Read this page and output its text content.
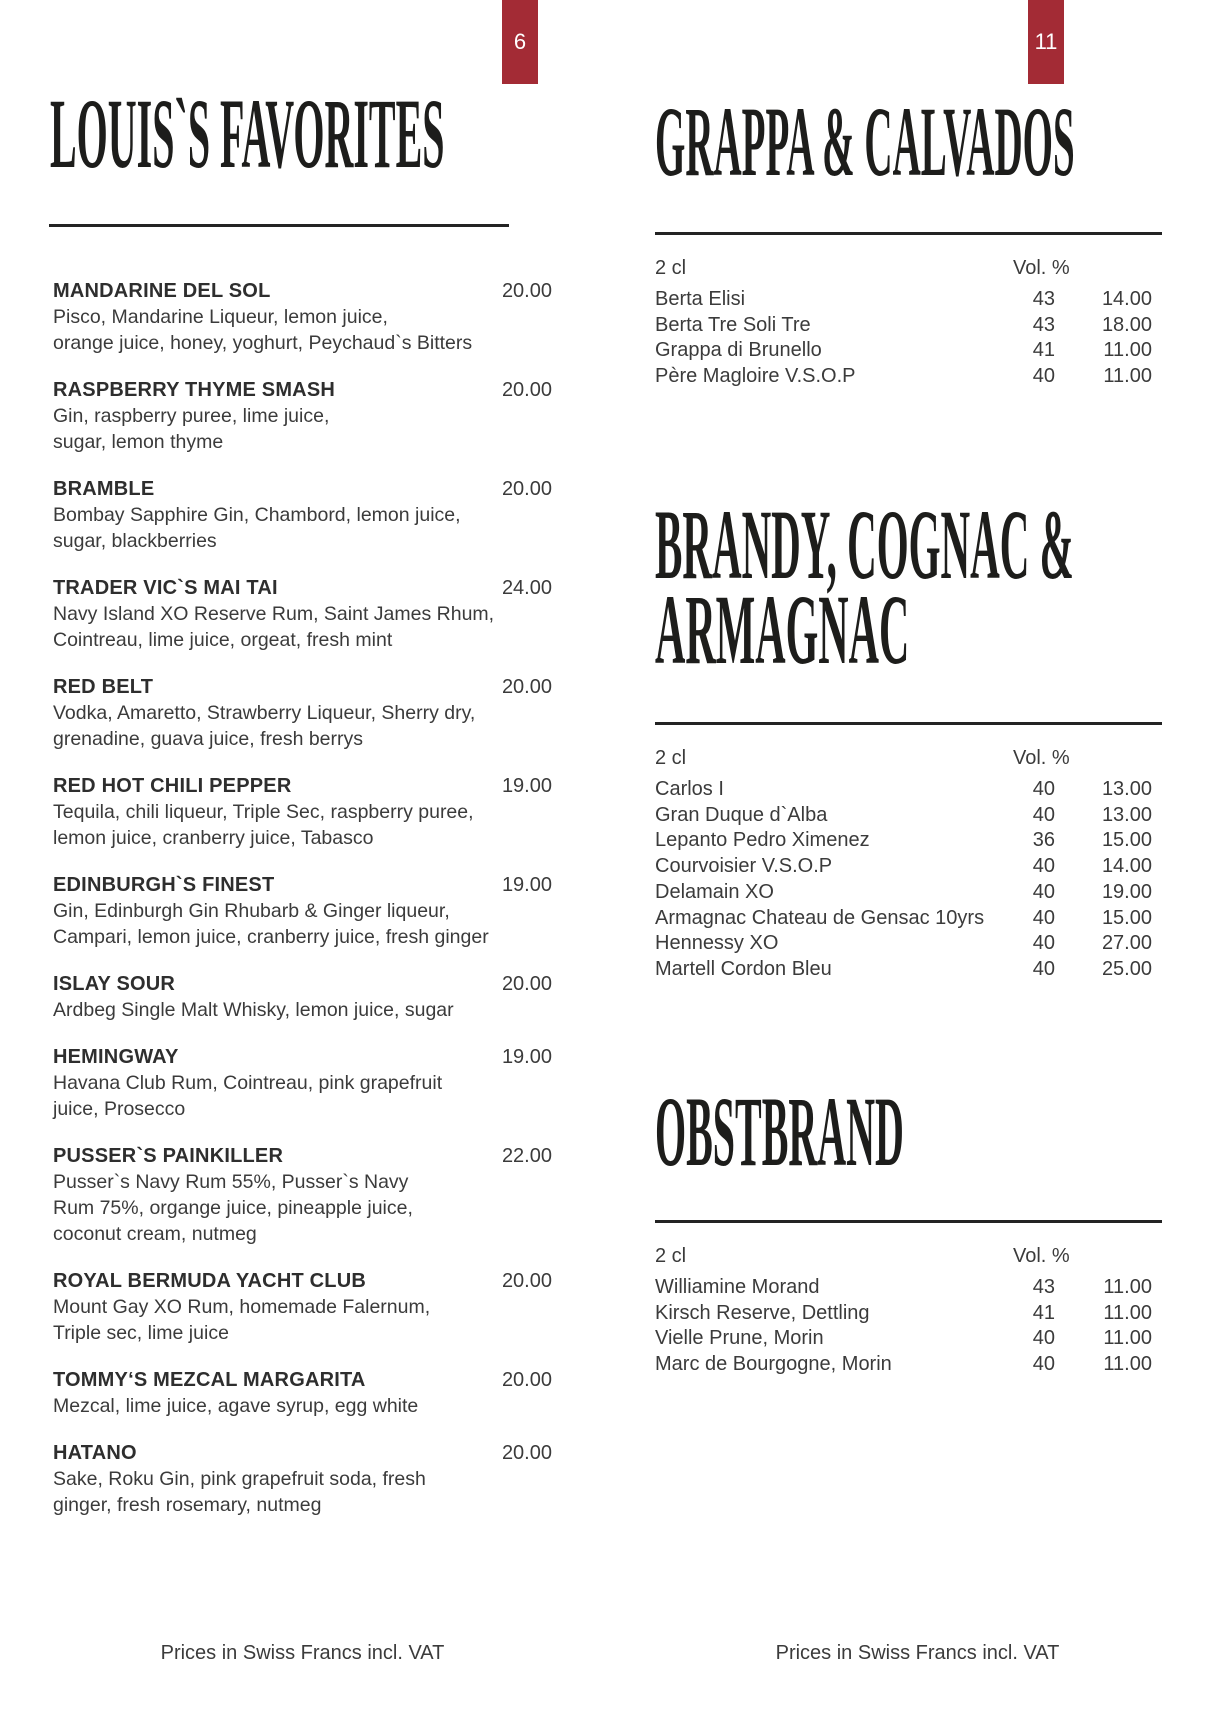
6	11
LOUIS`S FAVORITES
MANDARINE DEL SOL	20.00
Pisco, Mandarine Liqueur, lemon juice,
orange juice, honey, yoghurt, Peychaud`s Bitters
RASPBERRY THYME SMASH	20.00
Gin, raspberry puree, lime juice,
sugar, lemon thyme
BRAMBLE	20.00
Bombay Sapphire Gin, Chambord, lemon juice,
sugar, blackberries
TRADER VIC`S MAI TAI	24.00
Navy Island XO Reserve Rum, Saint James Rhum,
Cointreau, lime juice, orgeat, fresh mint
RED BELT	20.00
Vodka, Amaretto, Strawberry Liqueur, Sherry dry,
grenadine, guava juice, fresh berrys
RED HOT CHILI PEPPER	19.00
Tequila, chili liqueur, Triple Sec, raspberry puree,
lemon juice, cranberry juice, Tabasco
EDINBURGH`S FINEST	19.00
Gin, Edinburgh Gin Rhubarb & Ginger liqueur,
Campari, lemon juice, cranberry juice, fresh ginger
ISLAY SOUR	20.00
Ardbeg Single Malt Whisky, lemon juice, sugar
HEMINGWAY	19.00
Havana Club Rum, Cointreau, pink grapefruit
juice, Prosecco
PUSSER`S PAINKILLER	22.00
Pusser`s Navy Rum 55%, Pusser`s Navy
Rum 75%, organge juice, pineapple juice,
coconut cream, nutmeg
ROYAL BERMUDA YACHT CLUB	20.00
Mount Gay XO Rum, homemade Falernum,
Triple sec, lime juice
TOMMY‘S MEZCAL MARGARITA	20.00
Mezcal, lime juice, agave syrup, egg white
HATANO	20.00
Sake, Roku Gin, pink grapefruit soda, fresh
ginger, fresh rosemary, nutmeg
Prices in Swiss Francs incl. VAT
GRAPPA & CALVADOS
2 cl	Vol. %
Berta Elisi	43 14.00
Berta Tre Soli Tre	43 18.00
Grappa di Brunello	41 11.00
Père Magloire V.S.O.P	40 11.00
BRANDY, COGNAC &
ARMAGNAC
2 cl	Vol. %
Carlos I	40 13.00
Gran Duque d`Alba	40 13.00
Lepanto Pedro Ximenez	36 15.00
Courvoisier V.S.O.P	40 14.00
Delamain XO	40 19.00
Armagnac Chateau de Gensac 10yrs 40 15.00
Hennessy XO	40 27.00
Martell Cordon Bleu	40 25.00
OBSTBRAND
2 cl	Vol. %
Williamine Morand	43 11.00
Kirsch Reserve, Dettling	41 11.00
Vielle Prune, Morin	40 11.00
Marc de Bourgogne, Morin	40 11.00
Prices in Swiss Francs incl. VAT
